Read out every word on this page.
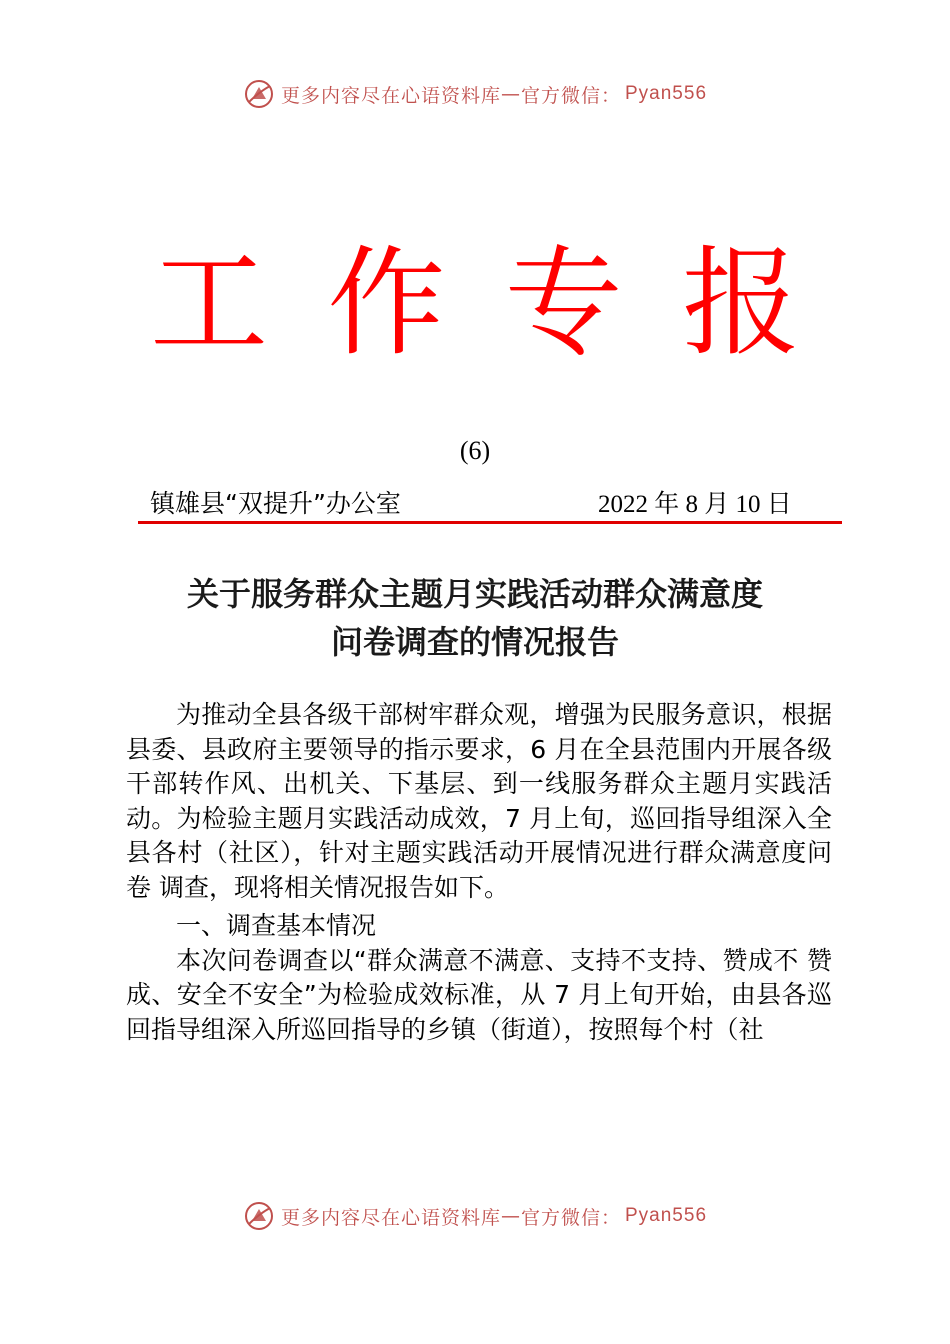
更多内容尽在心语资料库 — 官方微信： Pyan556
工 作 专 报
(6)
镇雄县“双提升”办公室	2022 年 8 月 10 日
关于服务群众主题月实践活动群众满意度
问卷调查的情况报告

为推动全县各级干部树牢群众观，增强为民服务意识，根据县委、县政府主要领导的指示要求，6 月在全县范围内开展各级干部转作风、出机关、下基层、到一线服务群众主题月实践活动。为检验主题月实践活动成效，7 月上旬，巡回指导组深入全县各村（社区），针对主题实践活动开展情况进行群众满意度问卷 调查，现将相关情况报告如下。

一、调查基本情况

本次问卷调查以“群众满意不满意、支持不支持、赞成不 赞成、安全不安全”为检验成效标准，从 7 月上旬开始，由县各巡回指导组深入所巡回指导的乡镇（街道），按照每个村（社

更多内容尽在心语资料库 — 官方微信： Pyan556
